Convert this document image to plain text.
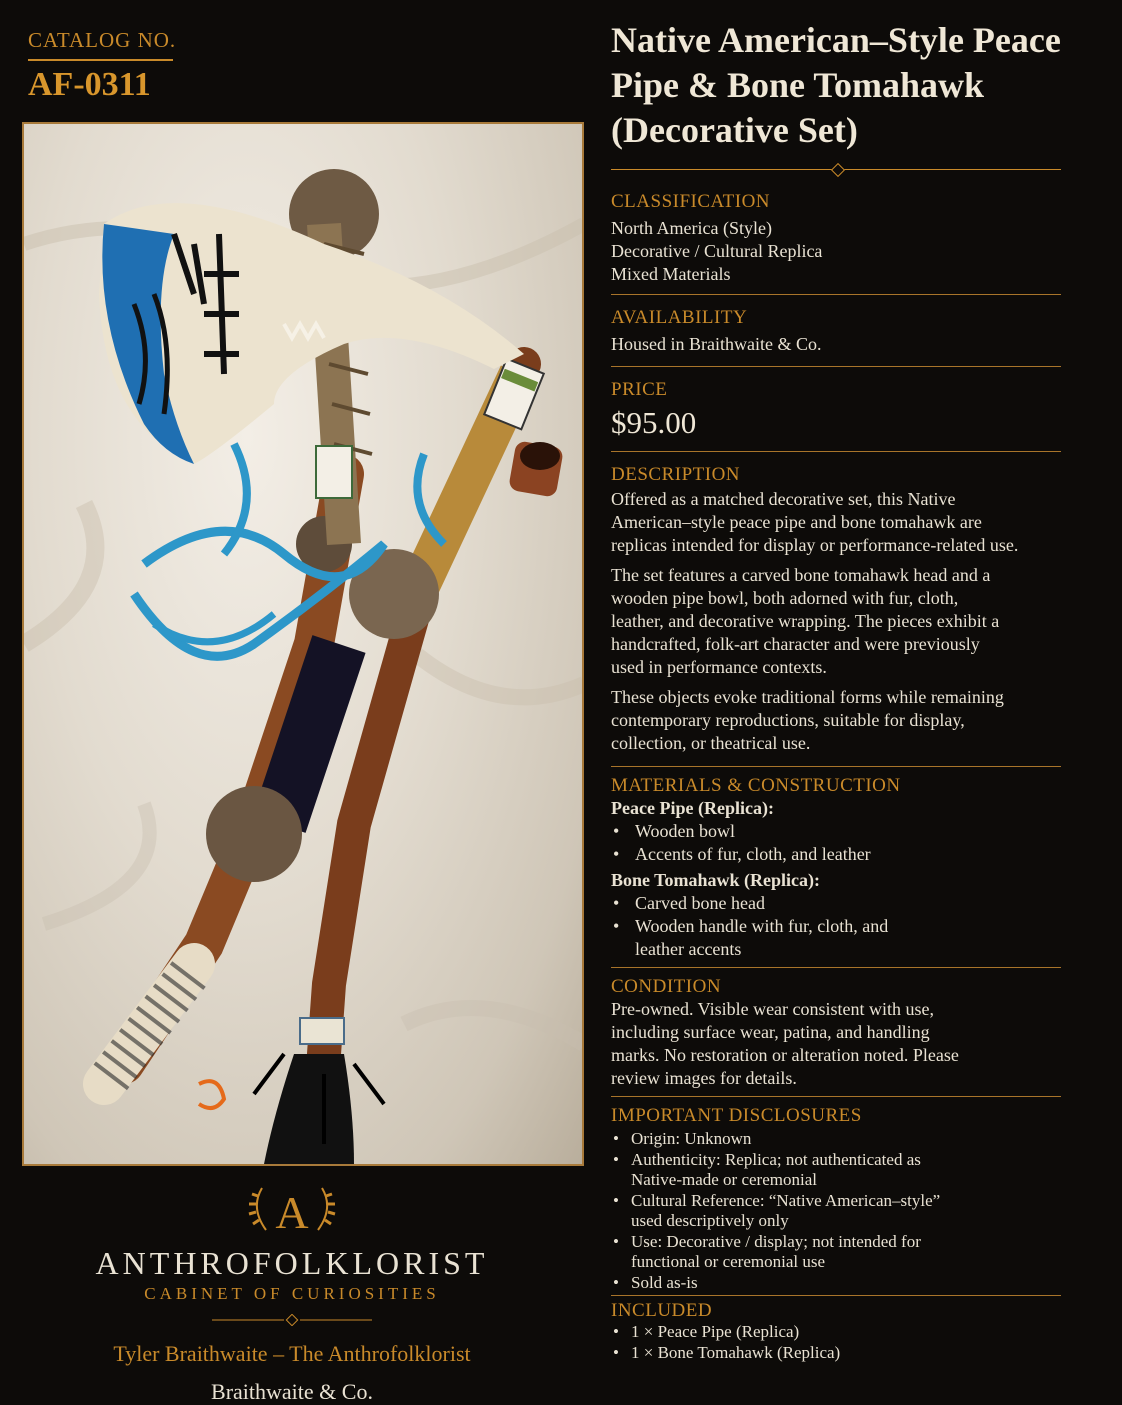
CATALOG NO.
AF-0311
A
ANTHROFOLKLORIST
CABINET OF CURIOSITIES
Tyler Braithwaite – The Anthrofolklorist
Braithwaite & Co.
Native American–Style Peace Pipe & Bone Tomahawk (Decorative Set)
CLASSIFICATION
North America (Style)
Decorative / Cultural Replica
Mixed Materials
AVAILABILITY
Housed in Braithwaite & Co.
PRICE
$95.00
DESCRIPTION

Offered as a matched decorative set, this Native American–style peace pipe and bone tomahawk are replicas intended for display or performance-related use.

The set features a carved bone tomahawk head and a wooden pipe bowl, both adorned with fur, cloth, leather, and decorative wrapping. The pieces exhibit a handcrafted, folk-art character and were previously used in performance contexts.

These objects evoke traditional forms while remaining contemporary reproductions, suitable for display, collection, or theatrical use.

MATERIALS & CONSTRUCTION
Peace Pipe (Replica):
• Wooden bowl
• Accents of fur, cloth, and leather
Bone Tomahawk (Replica):
• Carved bone head
• Wooden handle with fur, cloth, and leather accents
CONDITION
Pre-owned. Visible wear consistent with use, including surface wear, patina, and handling marks. No restoration or alteration noted. Please review images for details.
IMPORTANT DISCLOSURES
• Origin: Unknown
• Authenticity: Replica; not authenticated as Native-made or ceremonial
• Cultural Reference: “Native American–style” used descriptively only
• Use: Decorative / display; not intended for functional or ceremonial use
• Sold as-is
INCLUDED
• 1 × Peace Pipe (Replica)
• 1 × Bone Tomahawk (Replica)
